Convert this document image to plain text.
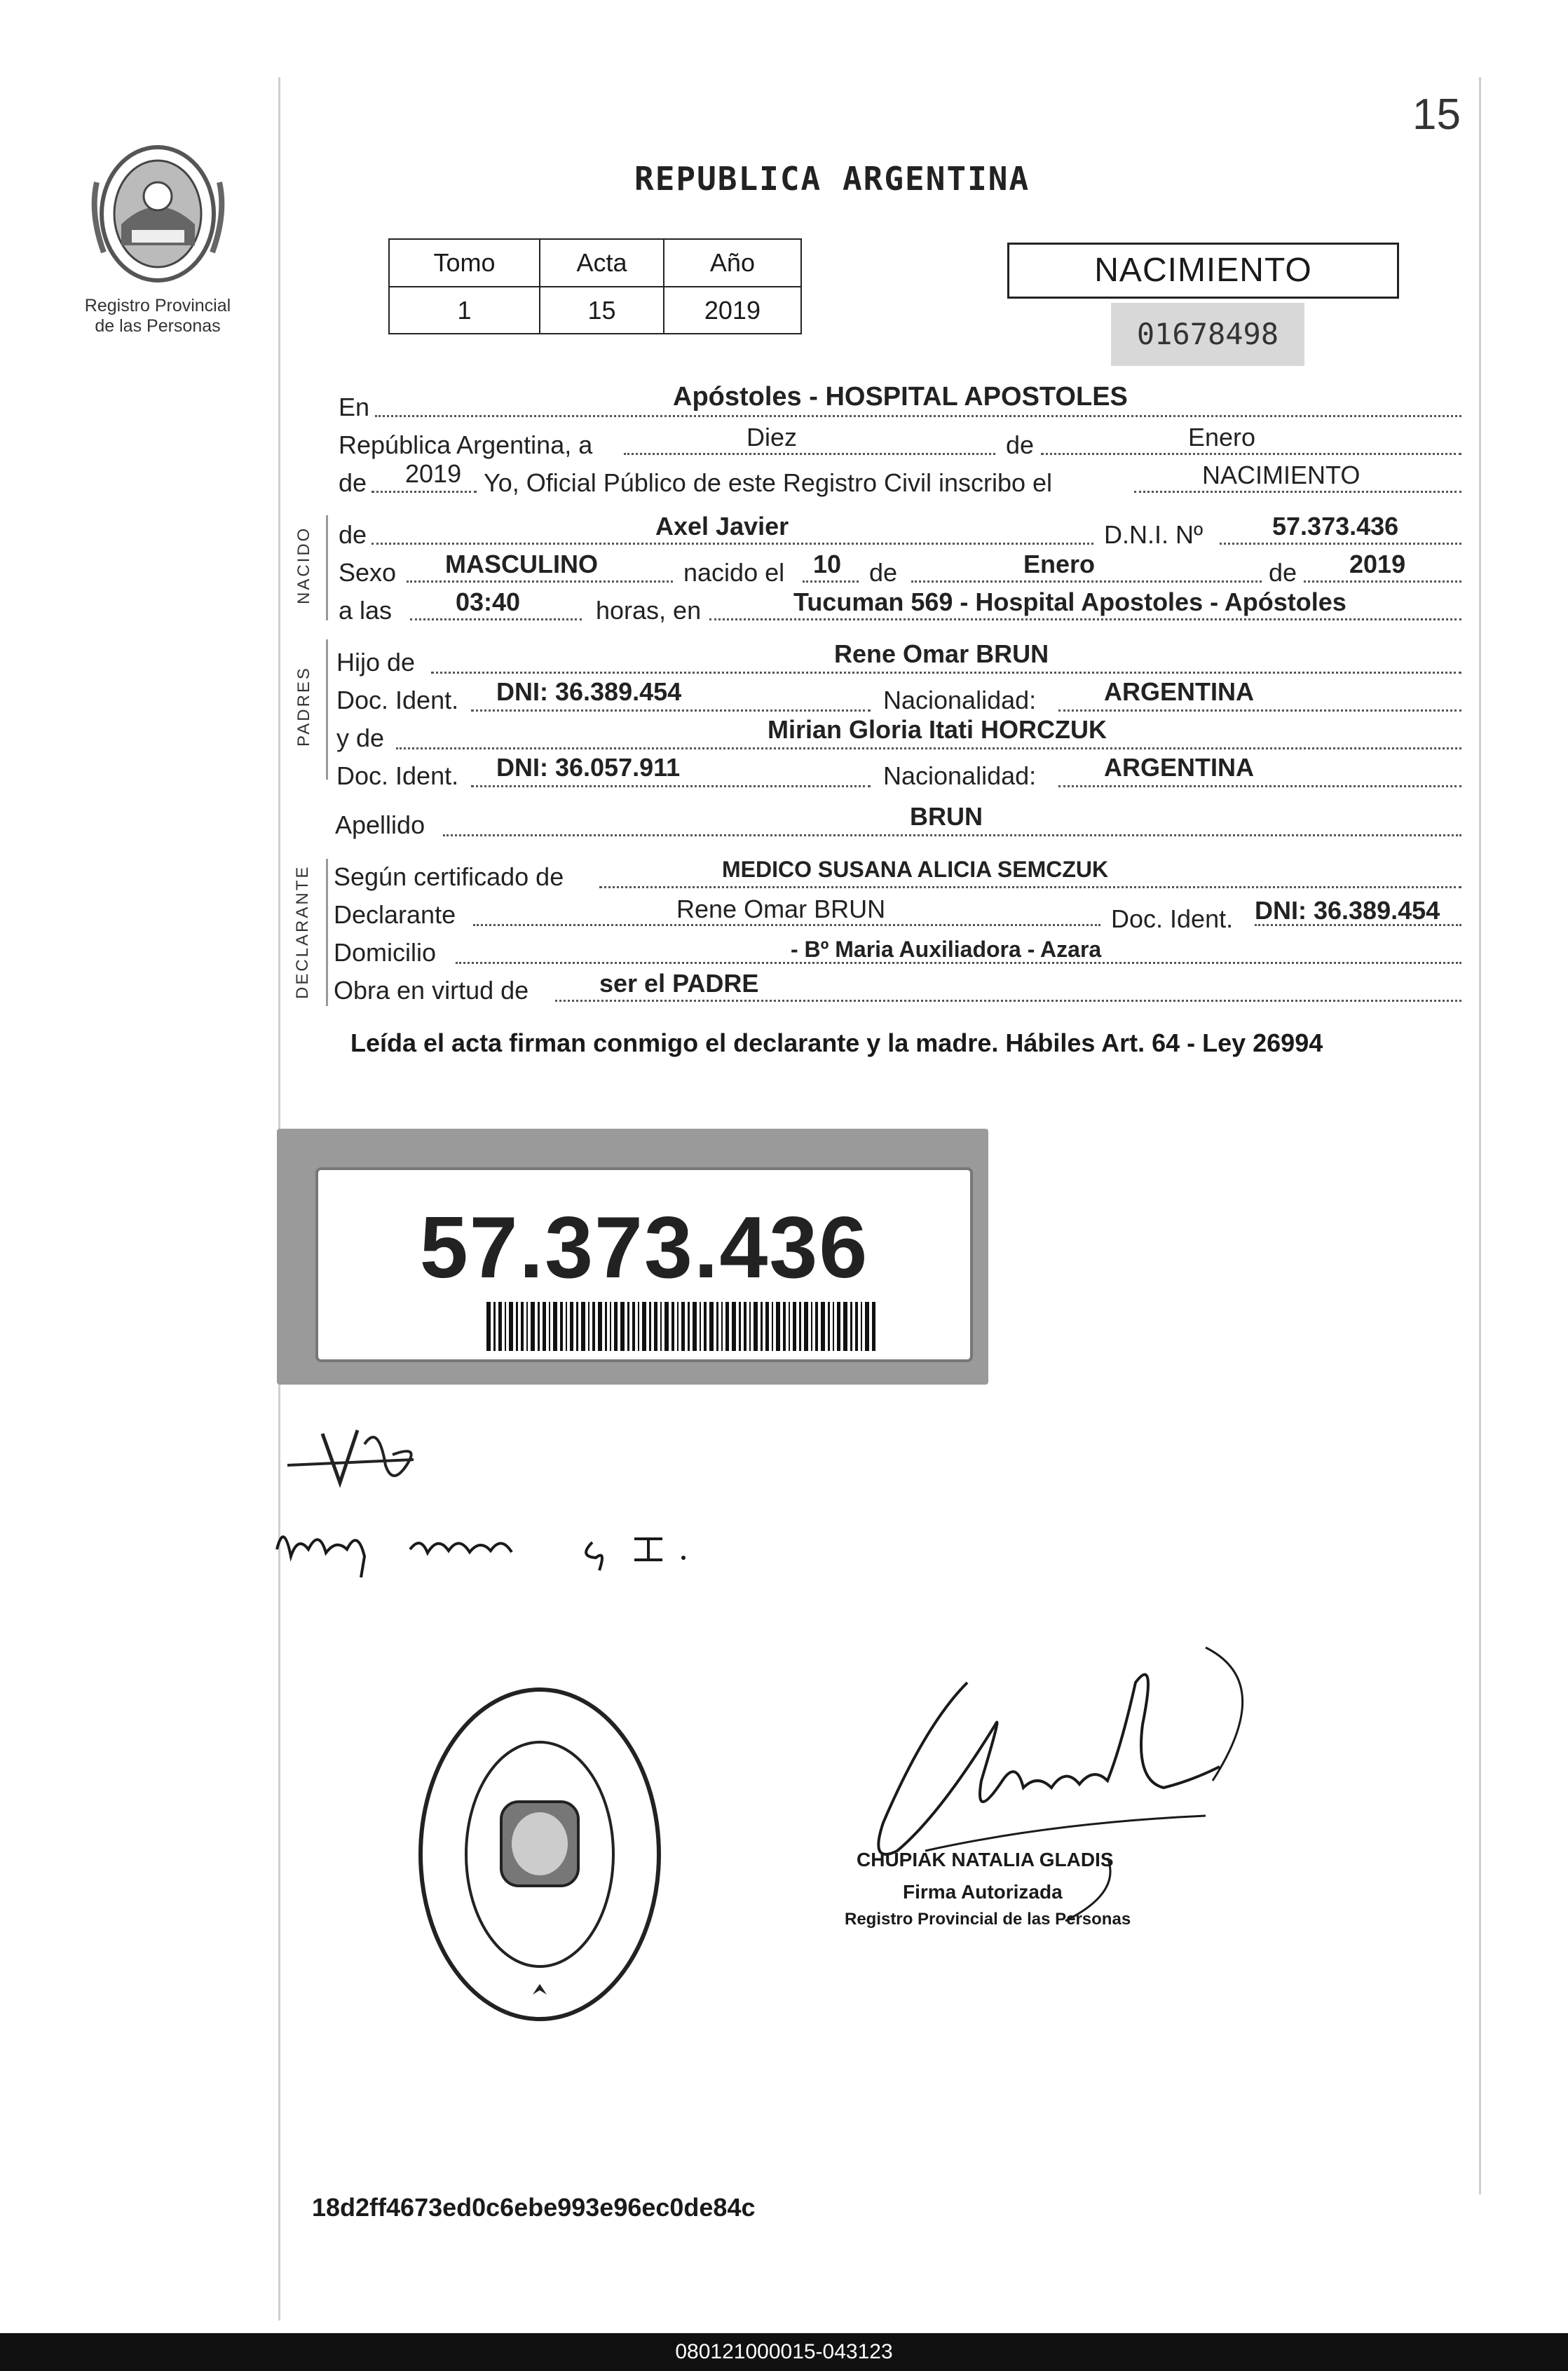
15
Registro Provincial
de las Personas
REPUBLICA ARGENTINA
Tomo	Acta	Año
1	15	2019
NACIMIENTO
01678498
En	Apóstoles - HOSPITAL APOSTOLES
República Argentina, a	Diez	de	Enero
de 2019 Yo, Oficial Público de este Registro Civil inscribo el	NACIMIENTO
NACIDO de	Axel Javier	D.N.I. Nº	57.373.436
Sexo MASCULINO	nacido el 10 de	Enero	de 2019
a las	03:40	horas, en	Tucuman 569 - Hospital Apostoles - Apóstoles
PADRES
Hijo de	Rene Omar BRUN
Doc. Ident. DNI: 36.389.454	Nacionalidad:	ARGENTINA
y de	Mirian Gloria Itati HORCZUK
Doc. Ident. DNI: 36.057.911	Nacionalidad:	ARGENTINA
Apellido	BRUN
DECLARANTE Según certificado de	MEDICO SUSANA ALICIA SEMCZUK
Declarante	Rene Omar BRUN	Doc. Ident. DNI: 36.389.454
Domicilio	- Bº Maria Auxiliadora - Azara
Obra en virtud de	ser el PADRE
Leída el acta firman conmigo el declarante y la madre. Hábiles Art. 64 - Ley 26994
57.373.436
CHUPIAK NATALIA GLADIS
Firma Autorizada
Registro Provincial de las Personas
18d2ff4673ed0c6ebe993e96ec0de84c
080121000015-043123
